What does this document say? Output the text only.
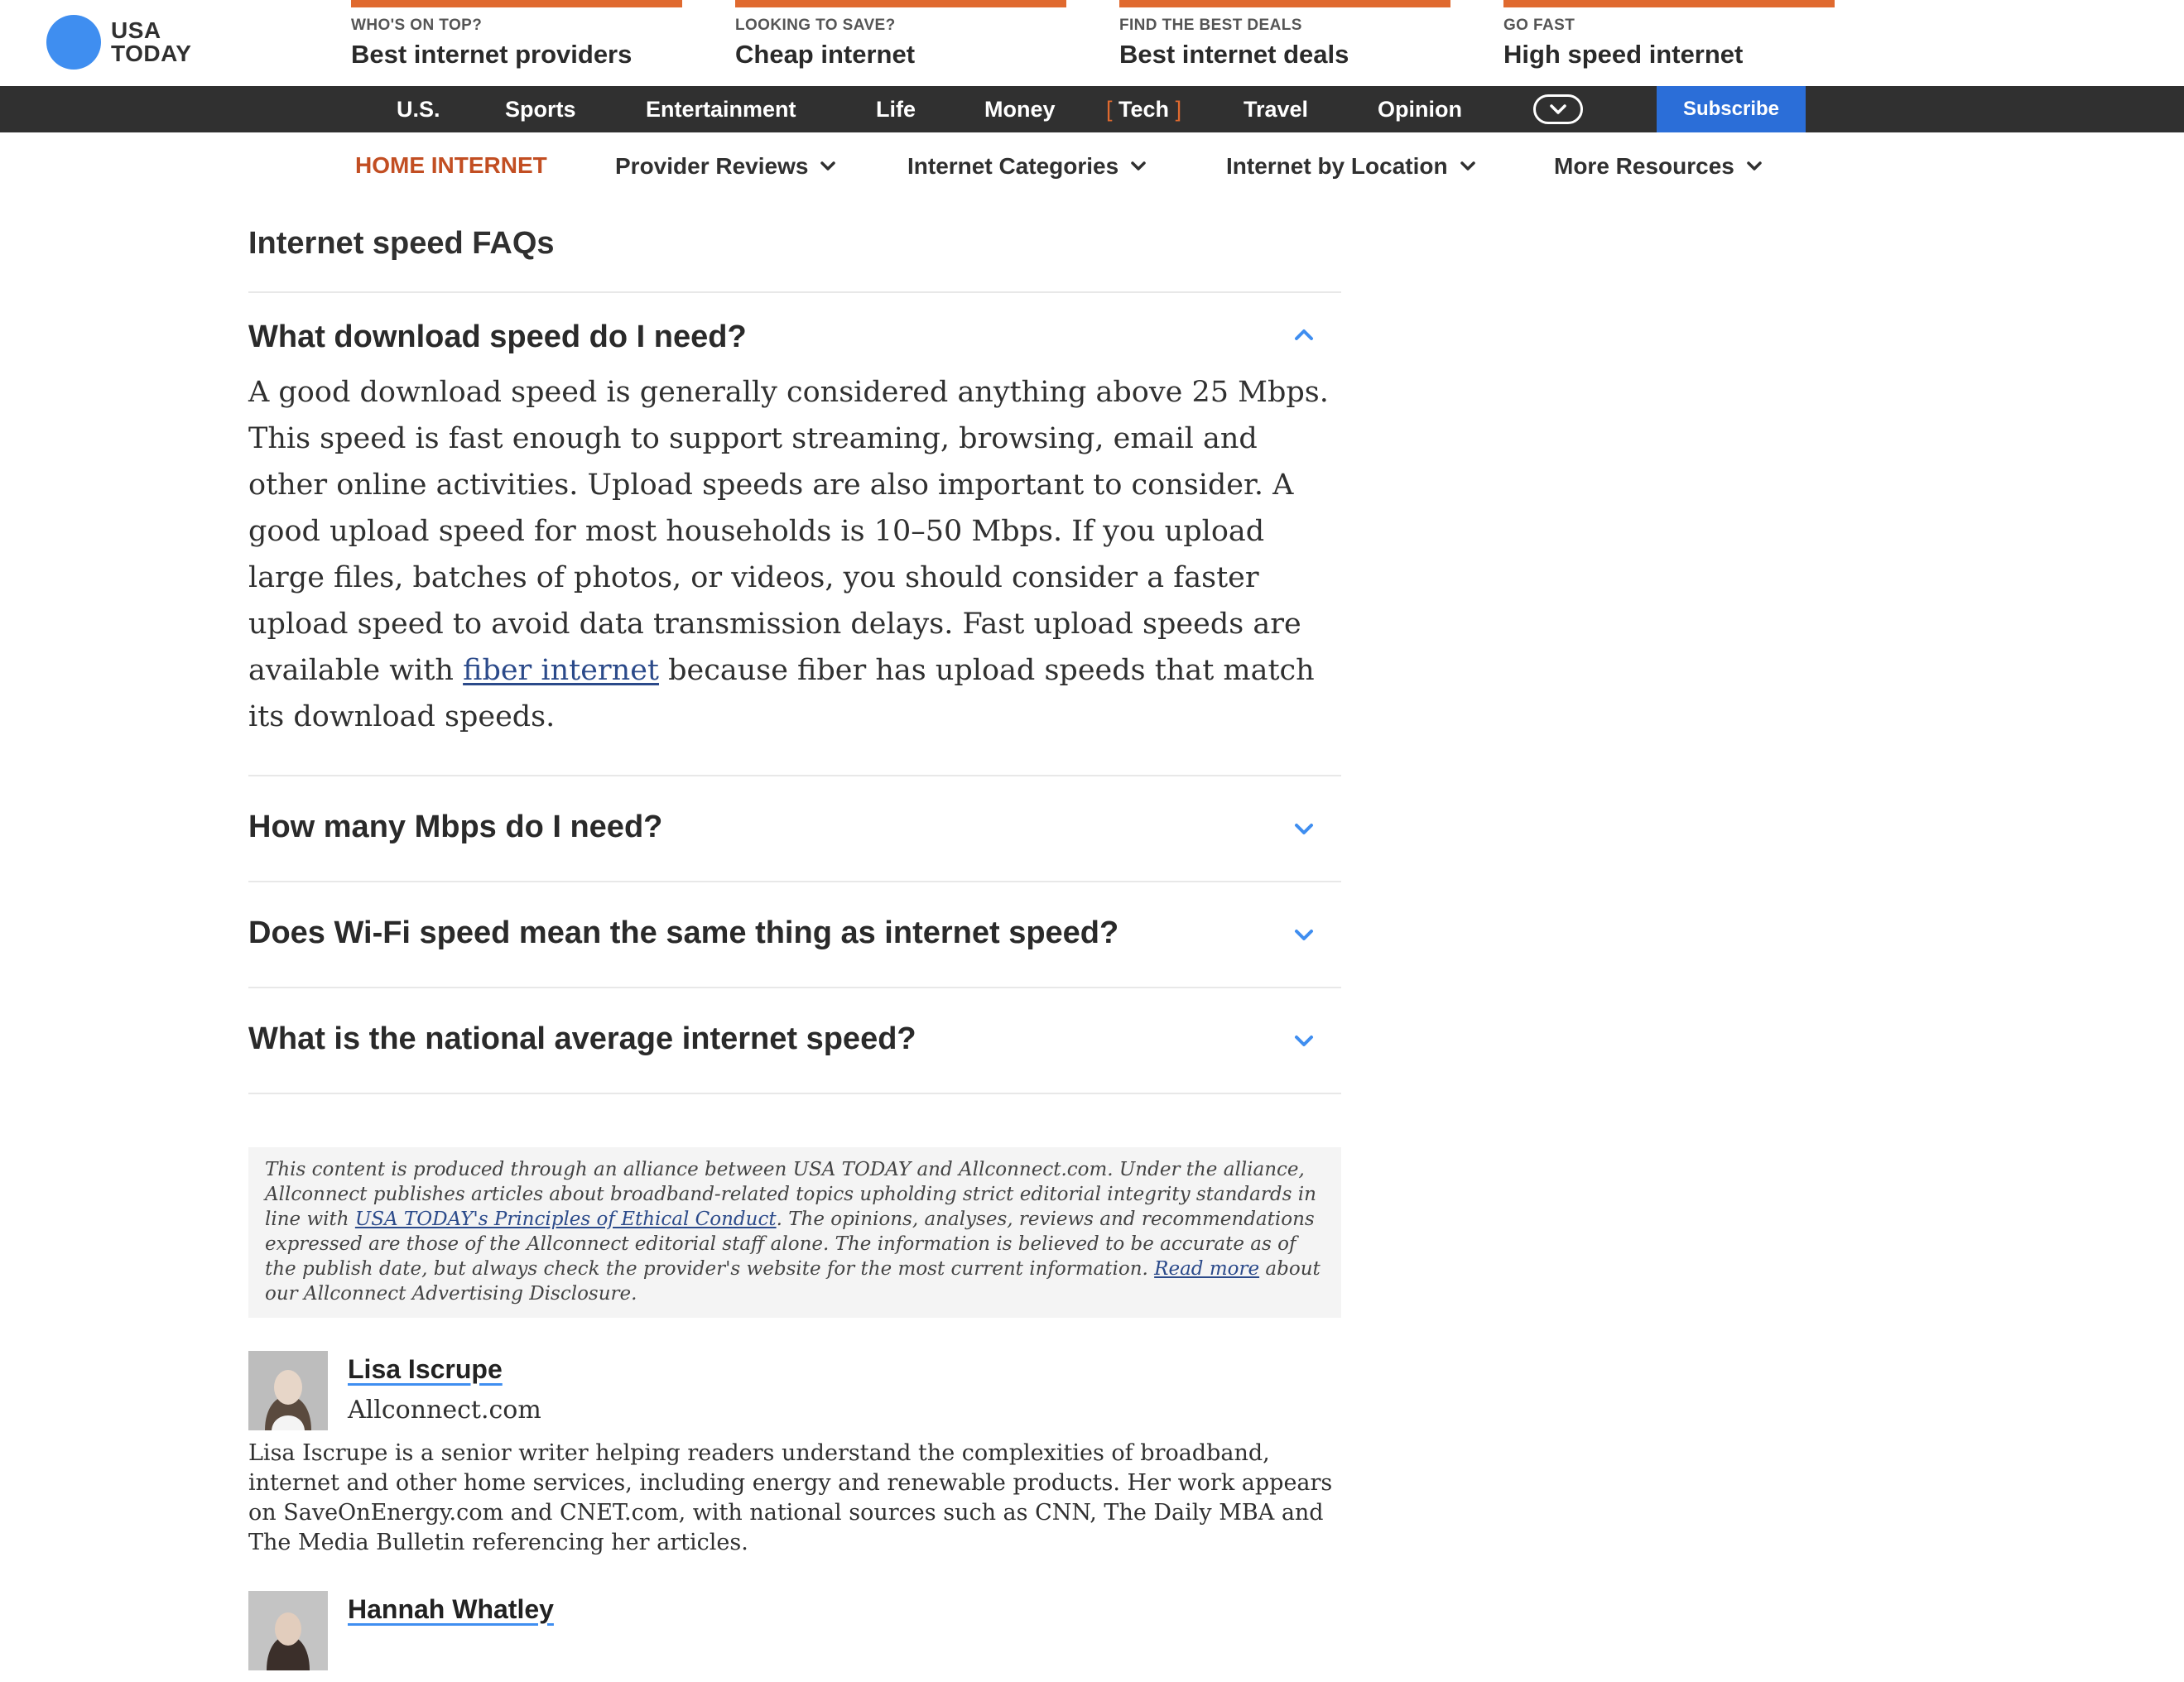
USA
TODAY
WHO'S ON TOP?
Best internet providers
LOOKING TO SAVE?
Cheap internet
FIND THE BEST DEALS
Best internet deals
GO FAST
High speed internet
U.S.	Sports	Entertainment	Life	Money [ Tech ]	Travel	Opinion	Subscribe
HOME INTERNET	Provider Reviews	Internet Categories	Internet by Location	More Resources
Internet speed FAQs
What download speed do I need?

A good download speed is generally considered anything above 25 Mbps. This speed is fast enough to support streaming, browsing, email and other online activities. Upload speeds are also important to consider. A good upload speed for most households is 10–50 Mbps. If you upload large files, batches of photos, or videos, you should consider a faster upload speed to avoid data transmission delays. Fast upload speeds are available with fiber internet because fiber has upload speeds that match its download speeds.

How many Mbps do I need?
Does Wi-Fi speed mean the same thing as internet speed?
What is the national average internet speed?
This content is produced through an alliance between USA TODAY and Allconnect.com. Under the alliance, Allconnect publishes articles about broadband-related topics upholding strict editorial integrity standards in line with USA TODAY's Principles of Ethical Conduct. The opinions, analyses, reviews and recommendations expressed are those of the Allconnect editorial staff alone. The information is believed to be accurate as of the publish date, but always check the provider's website for the most current information. Read more about our Allconnect Advertising Disclosure.
Lisa Iscrupe
Allconnect.com

Lisa Iscrupe is a senior writer helping readers understand the complexities of broadband, internet and other home services, including energy and renewable products. Her work appears on SaveOnEnergy.com and CNET.com, with national sources such as CNN, The Daily MBA and The Media Bulletin referencing her articles.

Hannah Whatley
